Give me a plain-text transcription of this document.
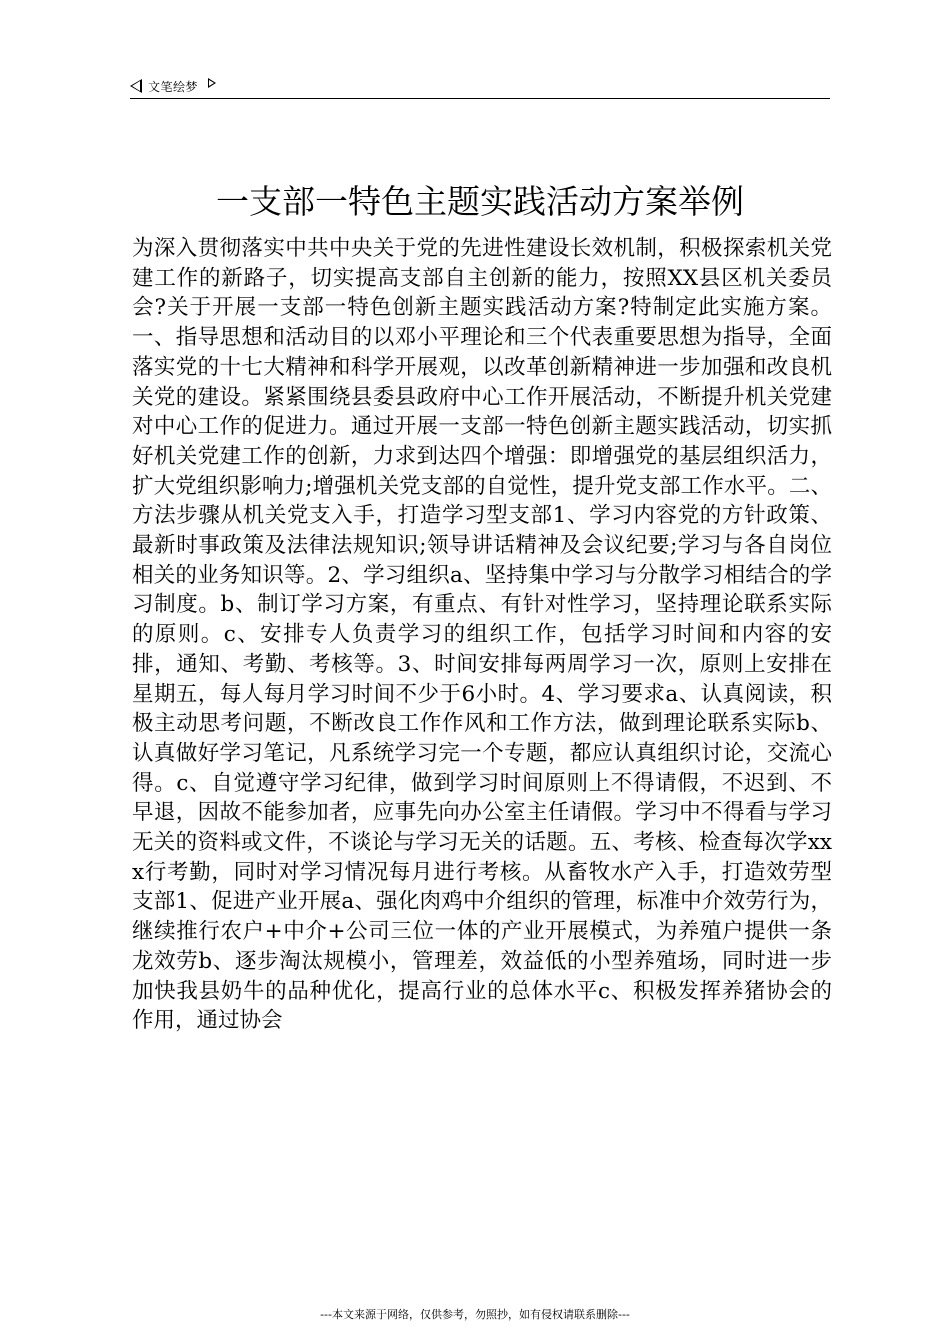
文笔绘梦
一支部一特色主题实践活动方案举例

为深入贯彻落实中共中央关于党的先进性建设长效机制，积极探索机关党建工作的新路子，切实提高支部自主创新的能力，按照XX县区机关委员会?关于开展一支部一特色创新主题实践活动方案?特制定此实施方案。一、指导思想和活动目的以邓小平理论和三个代表重要思想为指导，全面落实党的十七大精神和科学开展观，以改革创新精神进一步加强和改良机关党的建设。紧紧围绕县委县政府中心工作开展活动，不断提升机关党建对中心工作的促进力。通过开展一支部一特色创新主题实践活动，切实抓好机关党建工作的创新，力求到达四个增强：即增强党的基层组织活力，扩大党组织影响力;增强机关党支部的自觉性，提升党支部工作水平。二、方法步骤从机关党支入手，打造学习型支部1、学习内容党的方针政策、最新时事政策及法律法规知识;领导讲话精神及会议纪要;学习与各自岗位相关的业务知识等。2、学习组织a、坚持集中学习与分散学习相结合的学习制度。b、制订学习方案，有重点、有针对性学习，坚持理论联系实际的原则。c、安排专人负责学习的组织工作，包括学习时间和内容的安排，通知、考勤、考核等。3、时间安排每两周学习一次，原则上安排在星期五，每人每月学习时间不少于6小时。4、学习要求a、认真阅读，积极主动思考问题，不断改良工作作风和工作方法，做到理论联系实际b、认真做好学习笔记，凡系统学习完一个专题，都应认真组织讨论，交流心得。c、自觉遵守学习纪律，做到学习时间原则上不得请假，不迟到、不早退，因故不能参加者，应事先向办公室主任请假。学习中不得看与学习无关的资料或文件，不谈论与学习无关的话题。五、考核、检查每次学xxx行考勤，同时对学习情况每月进行考核。从畜牧水产入手，打造效劳型支部1、促进产业开展a、强化肉鸡中介组织的管理，标准中介效劳行为，继续推行农户+中介+公司三位一体的产业开展模式，为养殖户提供一条龙效劳b、逐步淘汰规模小，管理差，效益低的小型养殖场，同时进一步加快我县奶牛的品种优化，提高行业的总体水平c、积极发挥养猪协会的作用，通过协会

---本文来源于网络，仅供参考，勿照抄，如有侵权请联系删除---
